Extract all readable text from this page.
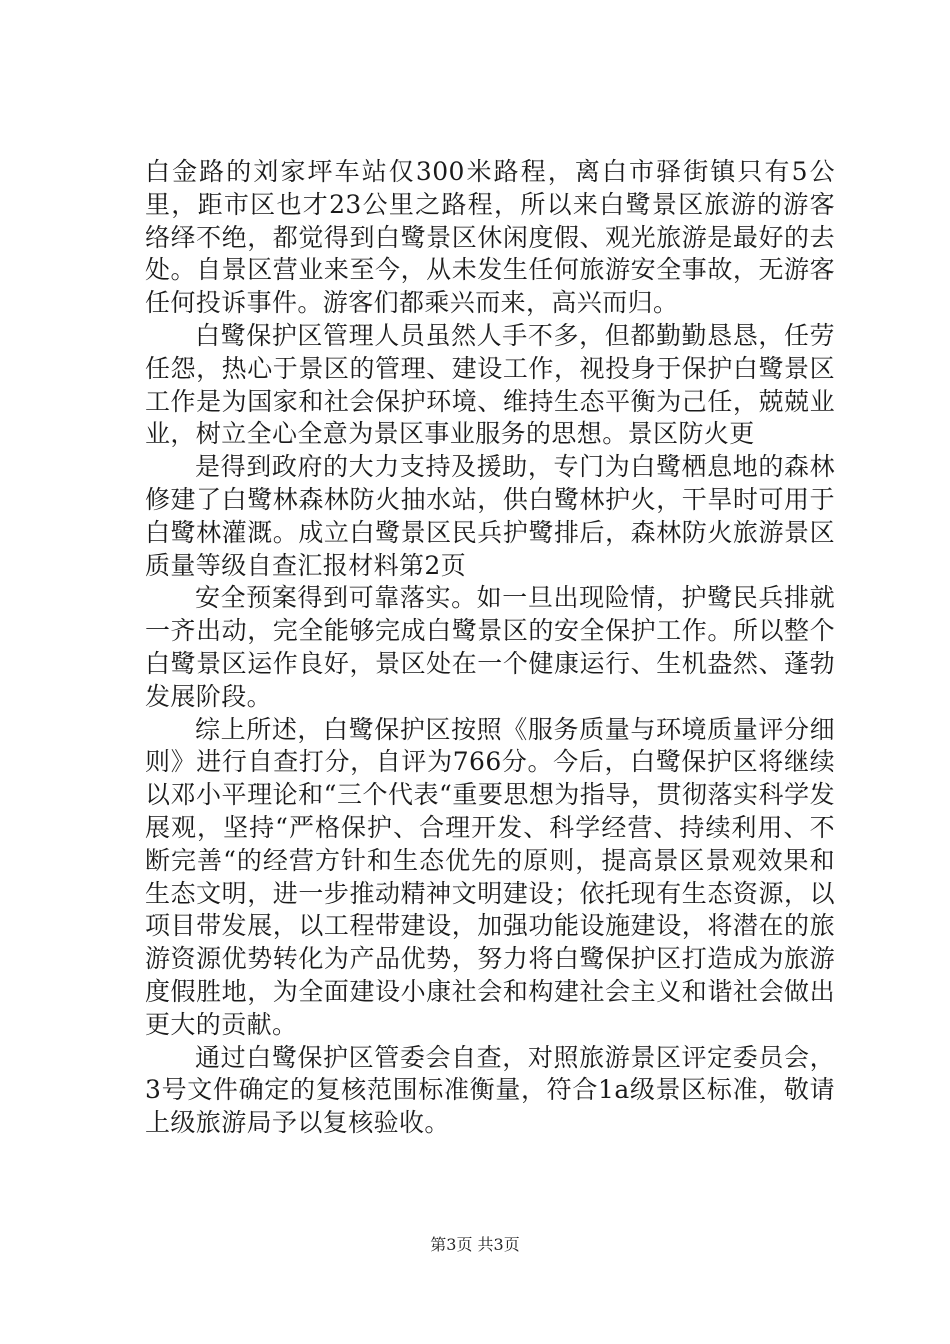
白金路的刘家坪车站仅300米路程，离白市驿街镇只有5公里，距市区也才23公里之路程，所以来白鹭景区旅游的游客络绎不绝，都觉得到白鹭景区休闲度假、观光旅游是最好的去处。自景区营业来至今，从未发生任何旅游安全事故，无游客任何投诉事件。游客们都乘兴而来，高兴而归。

白鹭保护区管理人员虽然人手不多，但都勤勤恳恳，任劳任怨，热心于景区的管理、建设工作，视投身于保护白鹭景区工作是为国家和社会保护环境、维持生态平衡为己任，兢兢业业，树立全心全意为景区事业服务的思想。景区防火更

是得到政府的大力支持及援助，专门为白鹭栖息地的森林修建了白鹭林森林防火抽水站，供白鹭林护火，干旱时可用于白鹭林灌溉。成立白鹭景区民兵护鹭排后，森林防火旅游景区质量等级自查汇报材料第2页

安全预案得到可靠落实。如一旦出现险情，护鹭民兵排就一齐出动，完全能够完成白鹭景区的安全保护工作。所以整个白鹭景区运作良好，景区处在一个健康运行、生机盎然、蓬勃发展阶段。

综上所述，白鹭保护区按照《服务质量与环境质量评分细则》进行自查打分，自评为766分。今后，白鹭保护区将继续以邓小平理论和“三个代表“重要思想为指导，贯彻落实科学发展观，坚持“严格保护、合理开发、科学经营、持续利用、不断完善“的经营方针和生态优先的原则，提高景区景观效果和生态文明，进一步推动精神文明建设；依托现有生态资源，以项目带发展，以工程带建设，加强功能设施建设，将潜在的旅游资源优势转化为产品优势，努力将白鹭保护区打造成为旅游度假胜地，为全面建设小康社会和构建社会主义和谐社会做出更大的贡献。

通过白鹭保护区管委会自查，对照旅游景区评定委员会，3号文件确定的复核范围标准衡量，符合1a级景区标准，敬请上级旅游局予以复核验收。

第3页 共3页
